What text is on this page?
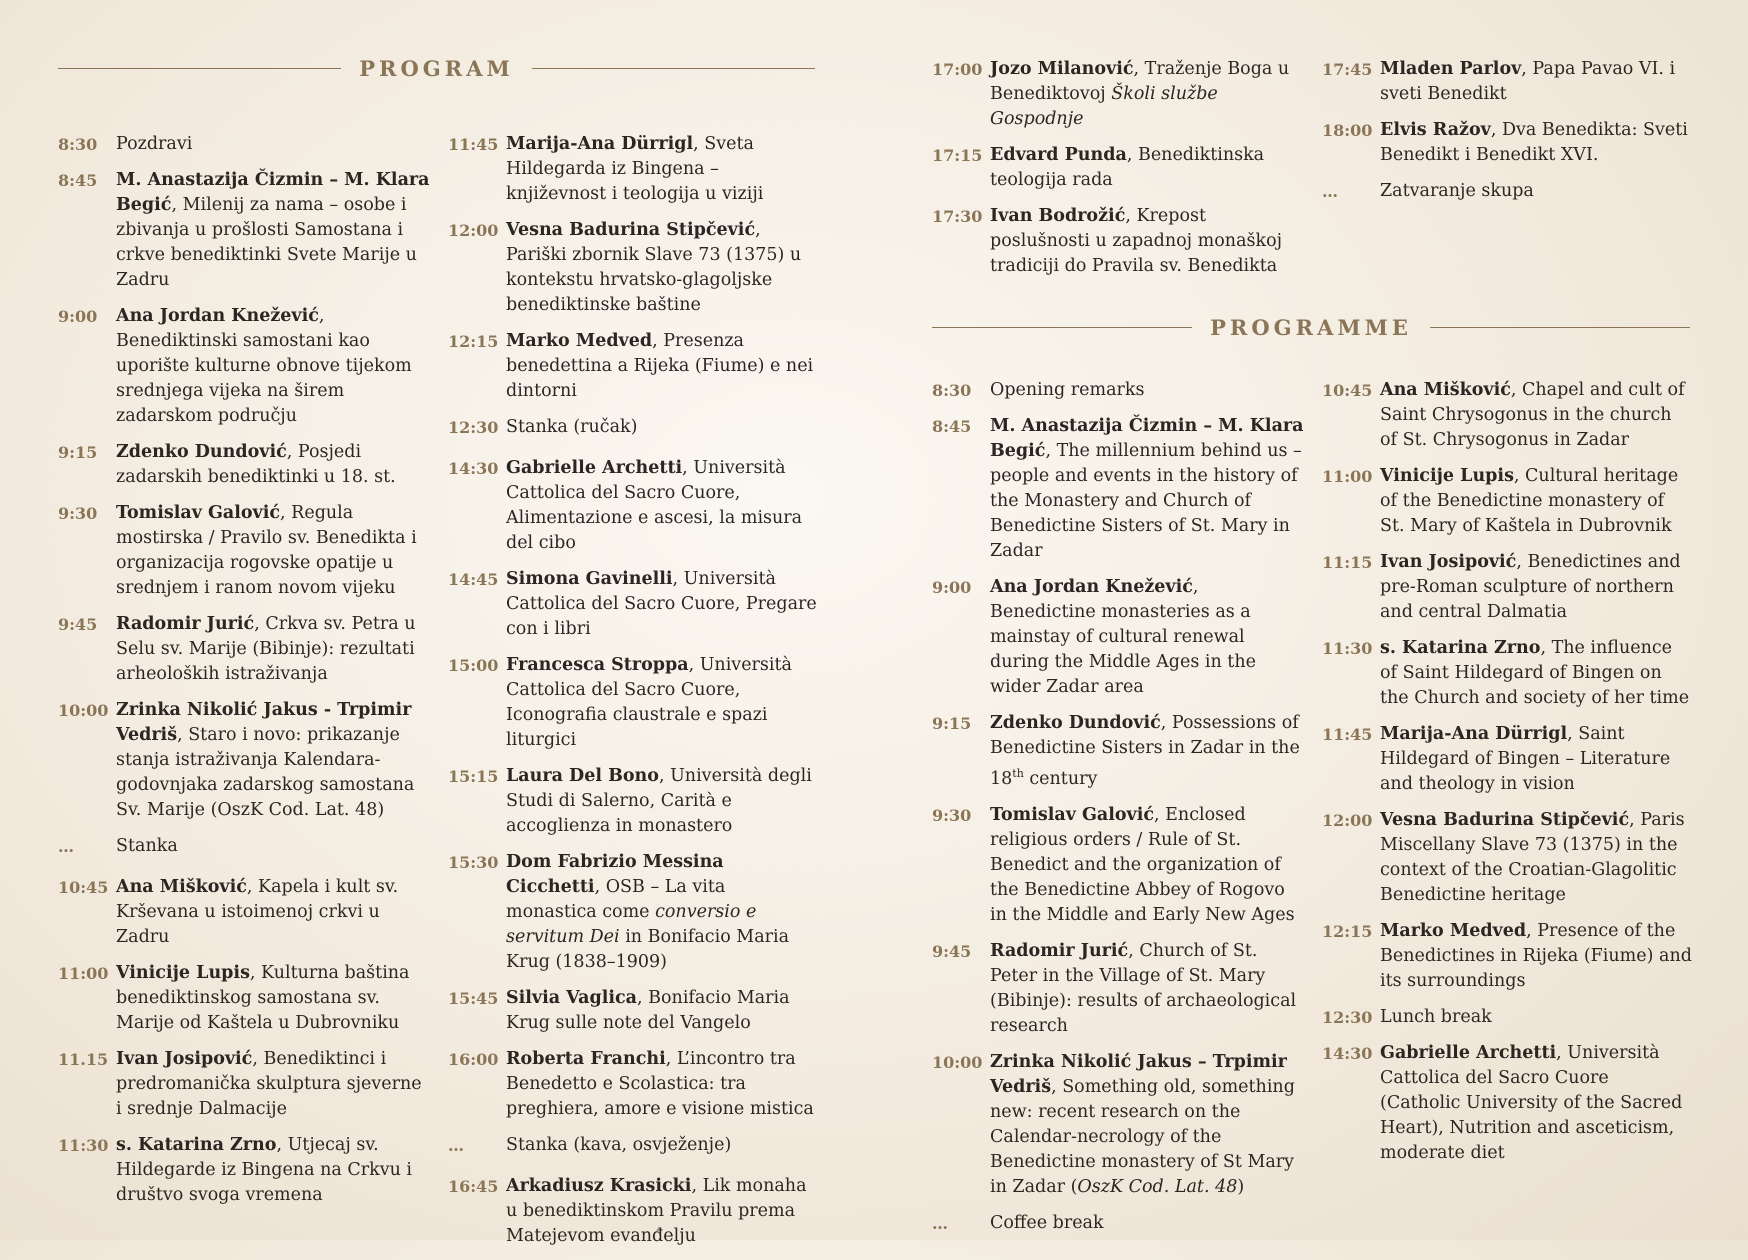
PROGRAM
PROGRAMME
8:30	Pozdravi
8:45	M. Anastazija Čizmin – M. Klara Begić, Milenij za nama – osobe i zbivanja u prošlosti Samostana i crkve benediktinki Svete Marije u Zadru
9:00	Ana Jordan Knežević, Benediktinski samostani kao uporište kulturne obnove tijekom srednjega vijeka na širem zadarskom području
9:15	Zdenko Dundović, Posjedi zadarskih benediktinki u 18. st.
9:30	Tomislav Galović, Regula mostirska / Pravilo sv. Benedikta i organizacija rogovske opatije u srednjem i ranom novom vijeku
9:45	Radomir Jurić, Crkva sv. Petra u Selu sv. Marije (Bibinje): rezultati arheoloških istraživanja
10:00 Zrinka Nikolić Jakus - Trpimir Vedriš, Staro i novo: prikazanje stanja istraživanja Kalendara-godovnjaka zadarskog samostana Sv. Marije (OszK Cod. Lat. 48)
…	Stanka
10:45 Ana Mišković, Kapela i kult sv. Krševana u istoimenoj crkvi u Zadru
11:00 Vinicije Lupis, Kulturna baština benediktinskog samostana sv. Marije od Kaštela u Dubrovniku
11.15 Ivan Josipović, Benediktinci i predromanička skulptura sjeverne i srednje Dalmacije
11:30 s. Katarina Zrno, Utjecaj sv. Hildegarde iz Bingena na Crkvu i društvo svoga vremena
11:45 Marija-Ana Dürrigl, Sveta Hildegarda iz Bingena – književnost i teologija u viziji
12:00 Vesna Badurina Stipčević, Pariški zbornik Slave 73 (1375) u kontekstu hrvatsko-glagoljske benediktinske baštine
12:15 Marko Medved, Presenza benedettina a Rijeka (Fiume) e nei dintorni
12:30 Stanka (ručak)
14:30 Gabrielle Archetti, Università Cattolica del Sacro Cuore, Alimentazione e ascesi, la misura del cibo
14:45 Simona Gavinelli, Università Cattolica del Sacro Cuore, Pregare con i libri
15:00 Francesca Stroppa, Università Cattolica del Sacro Cuore, Iconografia claustrale e spazi liturgici
15:15 Laura Del Bono, Università degli Studi di Salerno, Carità e accoglienza in monastero
15:30 Dom Fabrizio Messina Cicchetti, OSB – La vita monastica come conversio e servitum Dei in Bonifacio Maria Krug (1838–1909)
15:45 Silvia Vaglica, Bonifacio Maria Krug sulle note del Vangelo
16:00 Roberta Franchi, L’incontro tra Benedetto e Scolastica: tra preghiera, amore e visione mistica
…	Stanka (kava, osvježenje)
16:45 Arkadiusz Krasicki, Lik monaha u benediktinskom Pravilu prema Matejevom evanđelju
17:00 Jozo Milanović, Traženje Boga u Benediktovoj Školi službe Gospodnje
17:15 Edvard Punda, Benediktinska teologija rada
17:30 Ivan Bodrožić, Krepost poslušnosti u zapadnoj monaškoj tradiciji do Pravila sv. Benedikta
17:45 Mladen Parlov, Papa Pavao VI. i sveti Benedikt
18:00 Elvis Ražov, Dva Benedikta: Sveti Benedikt i Benedikt XVI.
…	Zatvaranje skupa
8:30	Opening remarks
8:45	M. Anastazija Čizmin – M. Klara Begić, The millennium behind us – people and events in the history of the Monastery and Church of Benedictine Sisters of St. Mary in Zadar
9:00	Ana Jordan Knežević, Benedictine monasteries as a mainstay of cultural renewal during the Middle Ages in the wider Zadar area
9:15	Zdenko Dundović, Possessions of Benedictine Sisters in Zadar in the 18th century
9:30	Tomislav Galović, Enclosed religious orders / Rule of St. Benedict and the organization of the Benedictine Abbey of Rogovo in the Middle and Early New Ages
9:45	Radomir Jurić, Church of St. Peter in the Village of St. Mary (Bibinje): results of archaeological research
10:00 Zrinka Nikolić Jakus – Trpimir Vedriš, Something old, something new: recent research on the Calendar-necrology of the Benedictine monastery of St Mary in Zadar (OszK Cod. Lat. 48)
…	Coffee break
10:45 Ana Mišković, Chapel and cult of Saint Chrysogonus in the church of St. Chrysogonus in Zadar
11:00 Vinicije Lupis, Cultural heritage of the Benedictine monastery of St. Mary of Kaštela in Dubrovnik
11:15 Ivan Josipović, Benedictines and pre-Roman sculpture of northern and central Dalmatia
11:30 s. Katarina Zrno, The influence of Saint Hildegard of Bingen on the Church and society of her time
11:45 Marija-Ana Dürrigl, Saint Hildegard of Bingen – Literature and theology in vision
12:00 Vesna Badurina Stipčević, Paris Miscellany Slave 73 (1375) in the context of the Croatian-Glagolitic Benedictine heritage
12:15 Marko Medved, Presence of the Benedictines in Rijeka (Fiume) and its surroundings
12:30 Lunch break
14:30 Gabrielle Archetti, Università Cattolica del Sacro Cuore (Catholic University of the Sacred Heart), Nutrition and asceticism, moderate diet
